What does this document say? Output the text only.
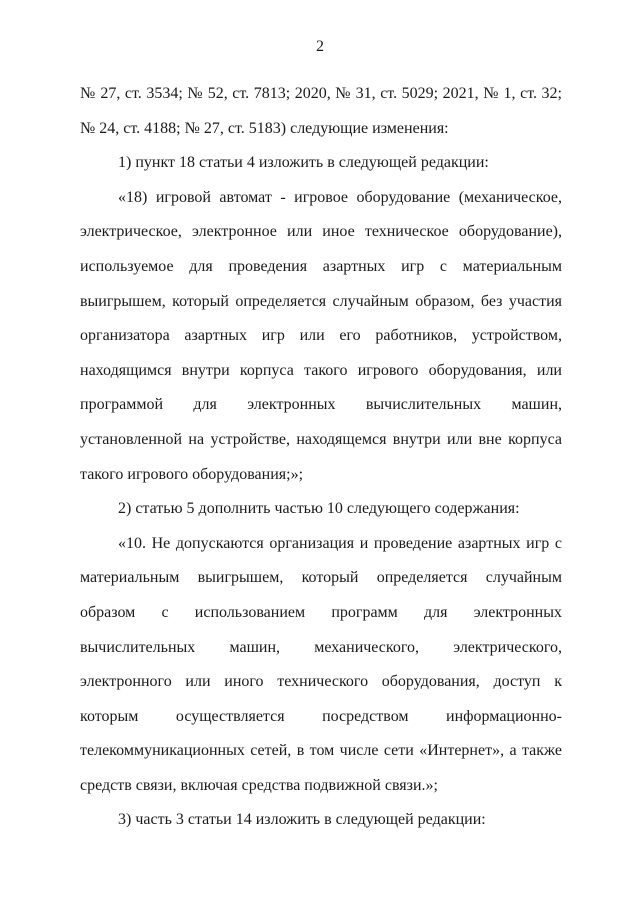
2

№ 27, ст. 3534; № 52, ст. 7813; 2020, № 31, ст. 5029; 2021, № 1, ст. 32; № 24, ст. 4188; № 27, ст. 5183) следующие изменения:

1) пункт 18 статьи 4 изложить в следующей редакции:

«18) игровой автомат - игровое оборудование (механическое, электрическое, электронное или иное техническое оборудование), используемое для проведения азартных игр с материальным выигрышем, который определяется случайным образом, без участия организатора азартных игр или его работников, устройством, находящимся внутри корпуса такого игрового оборудования, или программой для электронных вычислительных машин, установленной на устройстве, находящемся внутри или вне корпуса такого игрового оборудования;»;

2) статью 5 дополнить частью 10 следующего содержания:

«10. Не допускаются организация и проведение азартных игр с материальным выигрышем, который определяется случайным образом с использованием программ для электронных вычислительных машин, механического, электрического, электронного или иного технического оборудования, доступ к которым осуществляется посредством информационно-телекоммуникационных сетей, в том числе сети «Интернет», а также средств связи, включая средства подвижной связи.»;

3) часть 3 статьи 14 изложить в следующей редакции:
